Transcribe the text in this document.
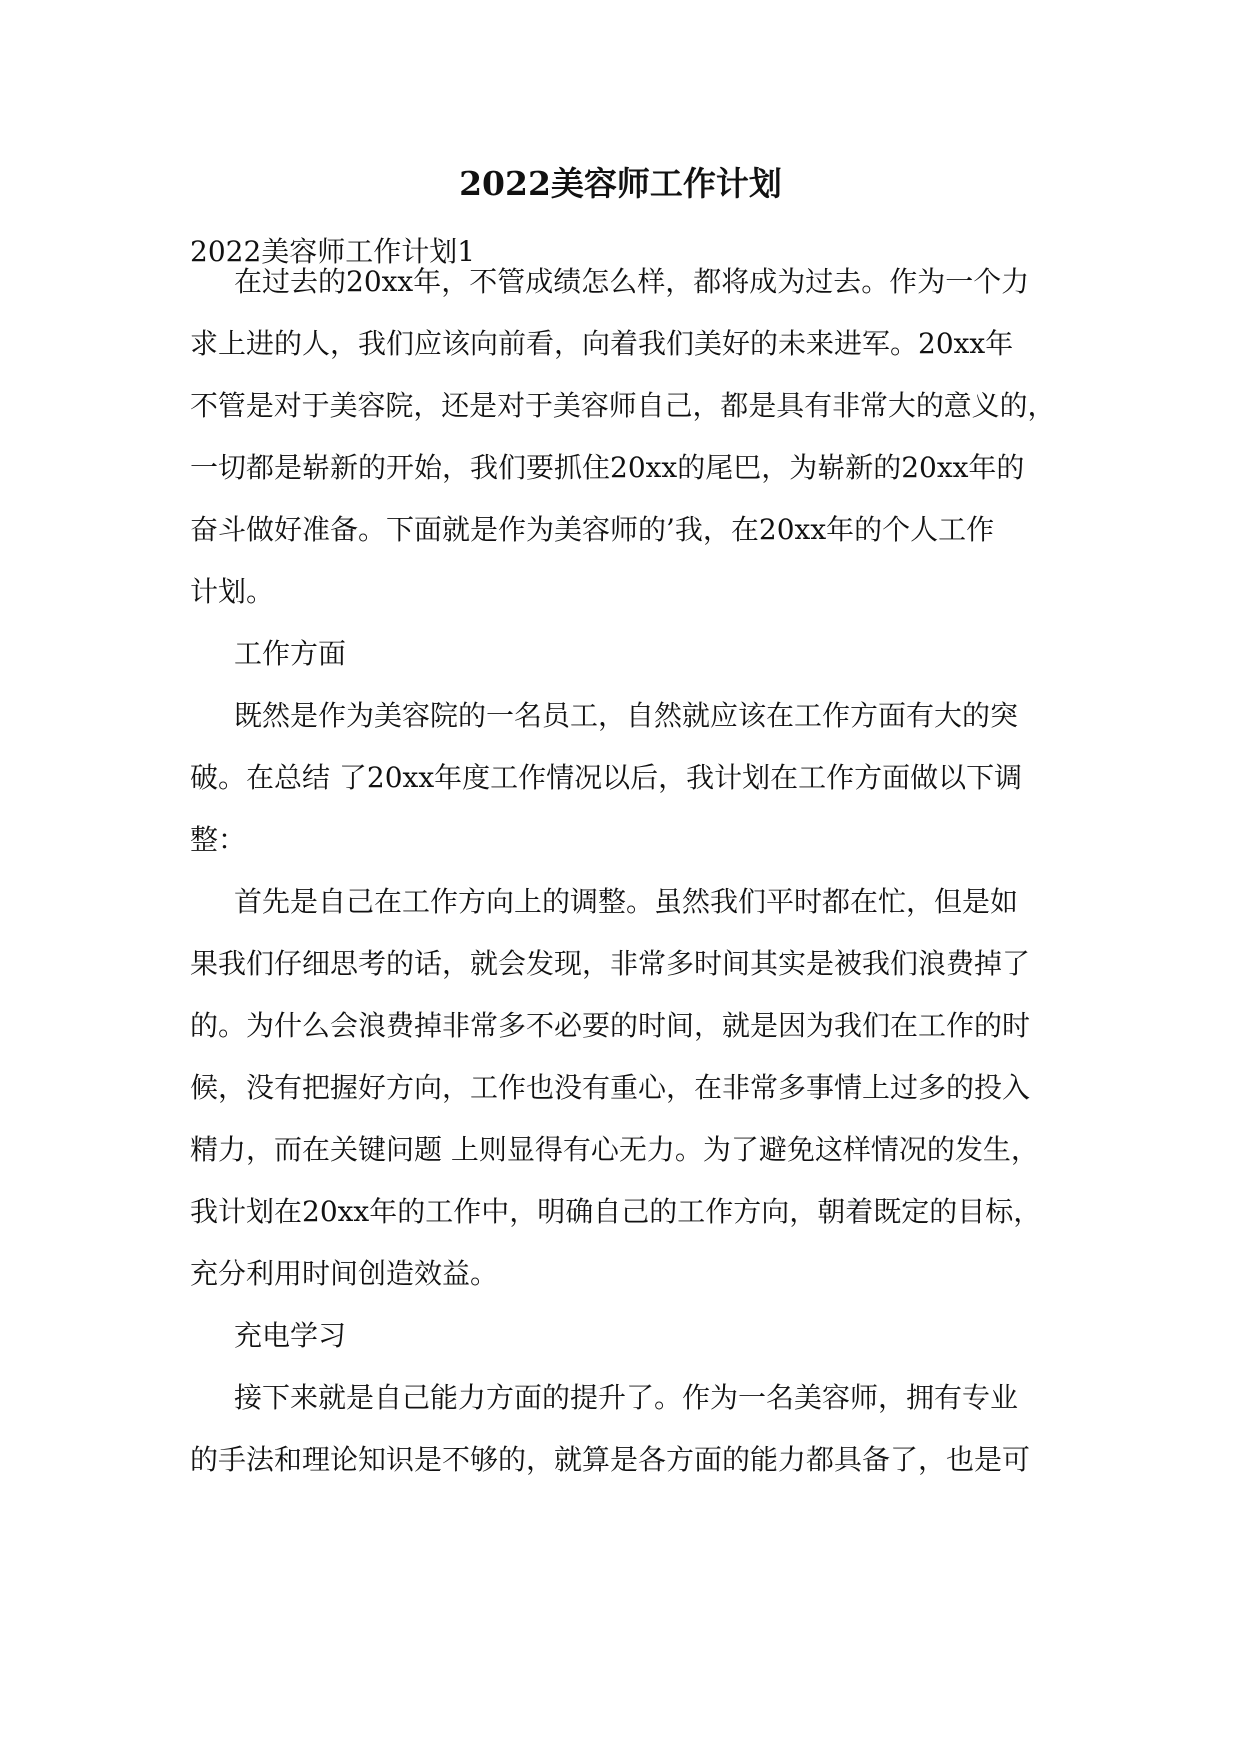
2022美容师工作计划
2022美容师工作计划1
在过去的20xx年，不管成绩怎么样，都将成为过去。作为一个力
求上进的人，我们应该向前看，向着我们美好的未来进军。20xx年
不管是对于美容院，还是对于美容师自己，都是具有非常大的意义的，
一切都是崭新的开始，我们要抓住20xx的尾巴，为崭新的20xx年的
奋斗做好准备。下面就是作为美容师的’我，在20xx年的个人工作
计划。
工作方面
既然是作为美容院的一名员工，自然就应该在工作方面有大的突
破。在总结 了20xx年度工作情况以后，我计划在工作方面做以下调
整：
首先是自己在工作方向上的调整。虽然我们平时都在忙，但是如
果我们仔细思考的话，就会发现，非常多时间其实是被我们浪费掉了
的。为什么会浪费掉非常多不必要的时间，就是因为我们在工作的时
候，没有把握好方向，工作也没有重心，在非常多事情上过多的投入
精力，而在关键问题 上则显得有心无力。为了避免这样情况的发生，
我计划在20xx年的工作中，明确自己的工作方向，朝着既定的目标，
充分利用时间创造效益。
充电学习
接下来就是自己能力方面的提升了。作为一名美容师，拥有专业
的手法和理论知识是不够的，就算是各方面的能力都具备了，也是可
